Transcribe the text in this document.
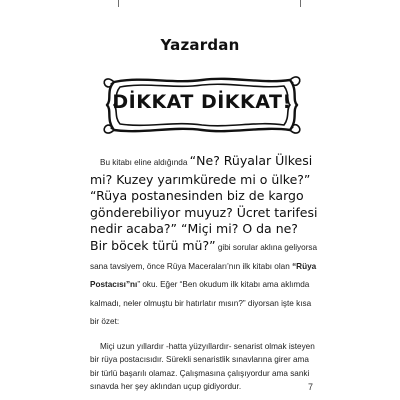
Yazardan
DİKKAT DİKKAT!

Bu kitabı eline aldığında “Ne? Rüyalar Ülkesi mi? Kuzey yarımkürede mi o ülke?” “Rüya postanesinden biz de kargo gönderebiliyor muyuz? Ücret tarifesi nedir acaba?” “Miçi mi? O da ne? Bir böcek türü mü?” gibi sorular aklına geliyorsa sana tavsiyem, önce Rüya Maceraları’nın ilk kitabı olan “Rüya Postacısı”nı” oku. Eğer “Ben okudum ilk kitabı ama aklımda kalmadı, neler olmuştu bir hatırlatır mısın?” diyorsan işte kısa bir özet:

Miçi uzun yıllardır -hatta yüzyıllardır- senarist olmak isteyen bir rüya postacısıdır. Sürekli senaristlik sınavlarına girer ama bir türlü başarılı olamaz. Çalışmasına çalışıyordur ama sanki sınavda her şey aklından uçup gidiyordur.	7
